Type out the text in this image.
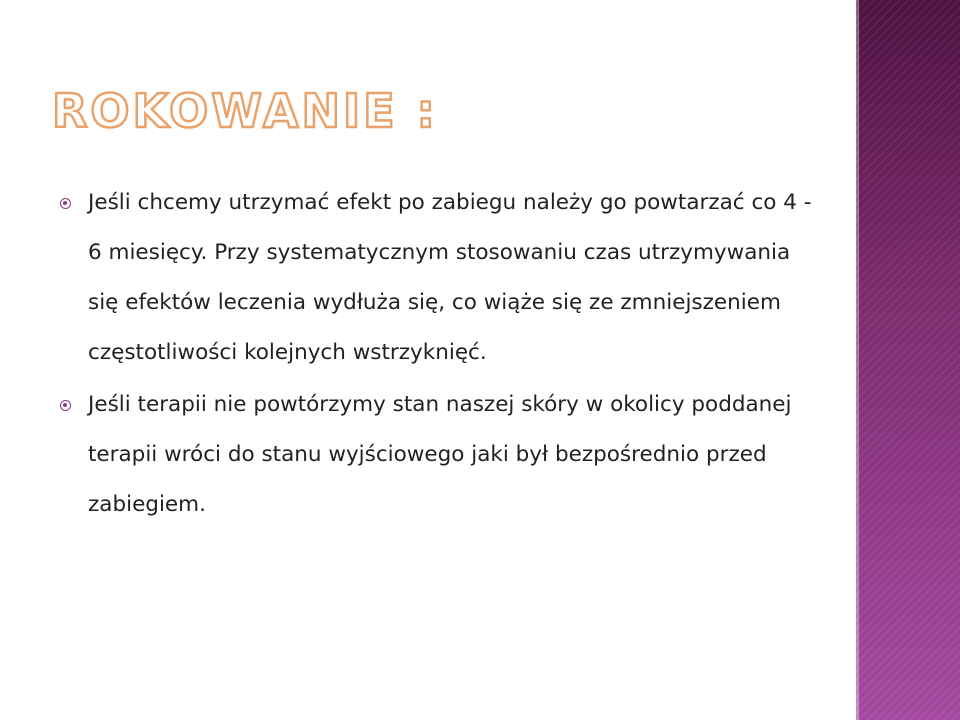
ROKOWANIE :
Jeśli chcemy utrzymać efekt po zabiegu należy go powtarzać co 4 - 6 miesięcy. Przy systematycznym stosowaniu czas utrzymywania się efektów leczenia wydłuża się, co wiąże się ze zmniejszeniem częstotliwości kolejnych wstrzyknięć.
Jeśli terapii nie powtórzymy stan naszej skóry w okolicy poddanej terapii wróci do stanu wyjściowego jaki był bezpośrednio przed zabiegiem.
